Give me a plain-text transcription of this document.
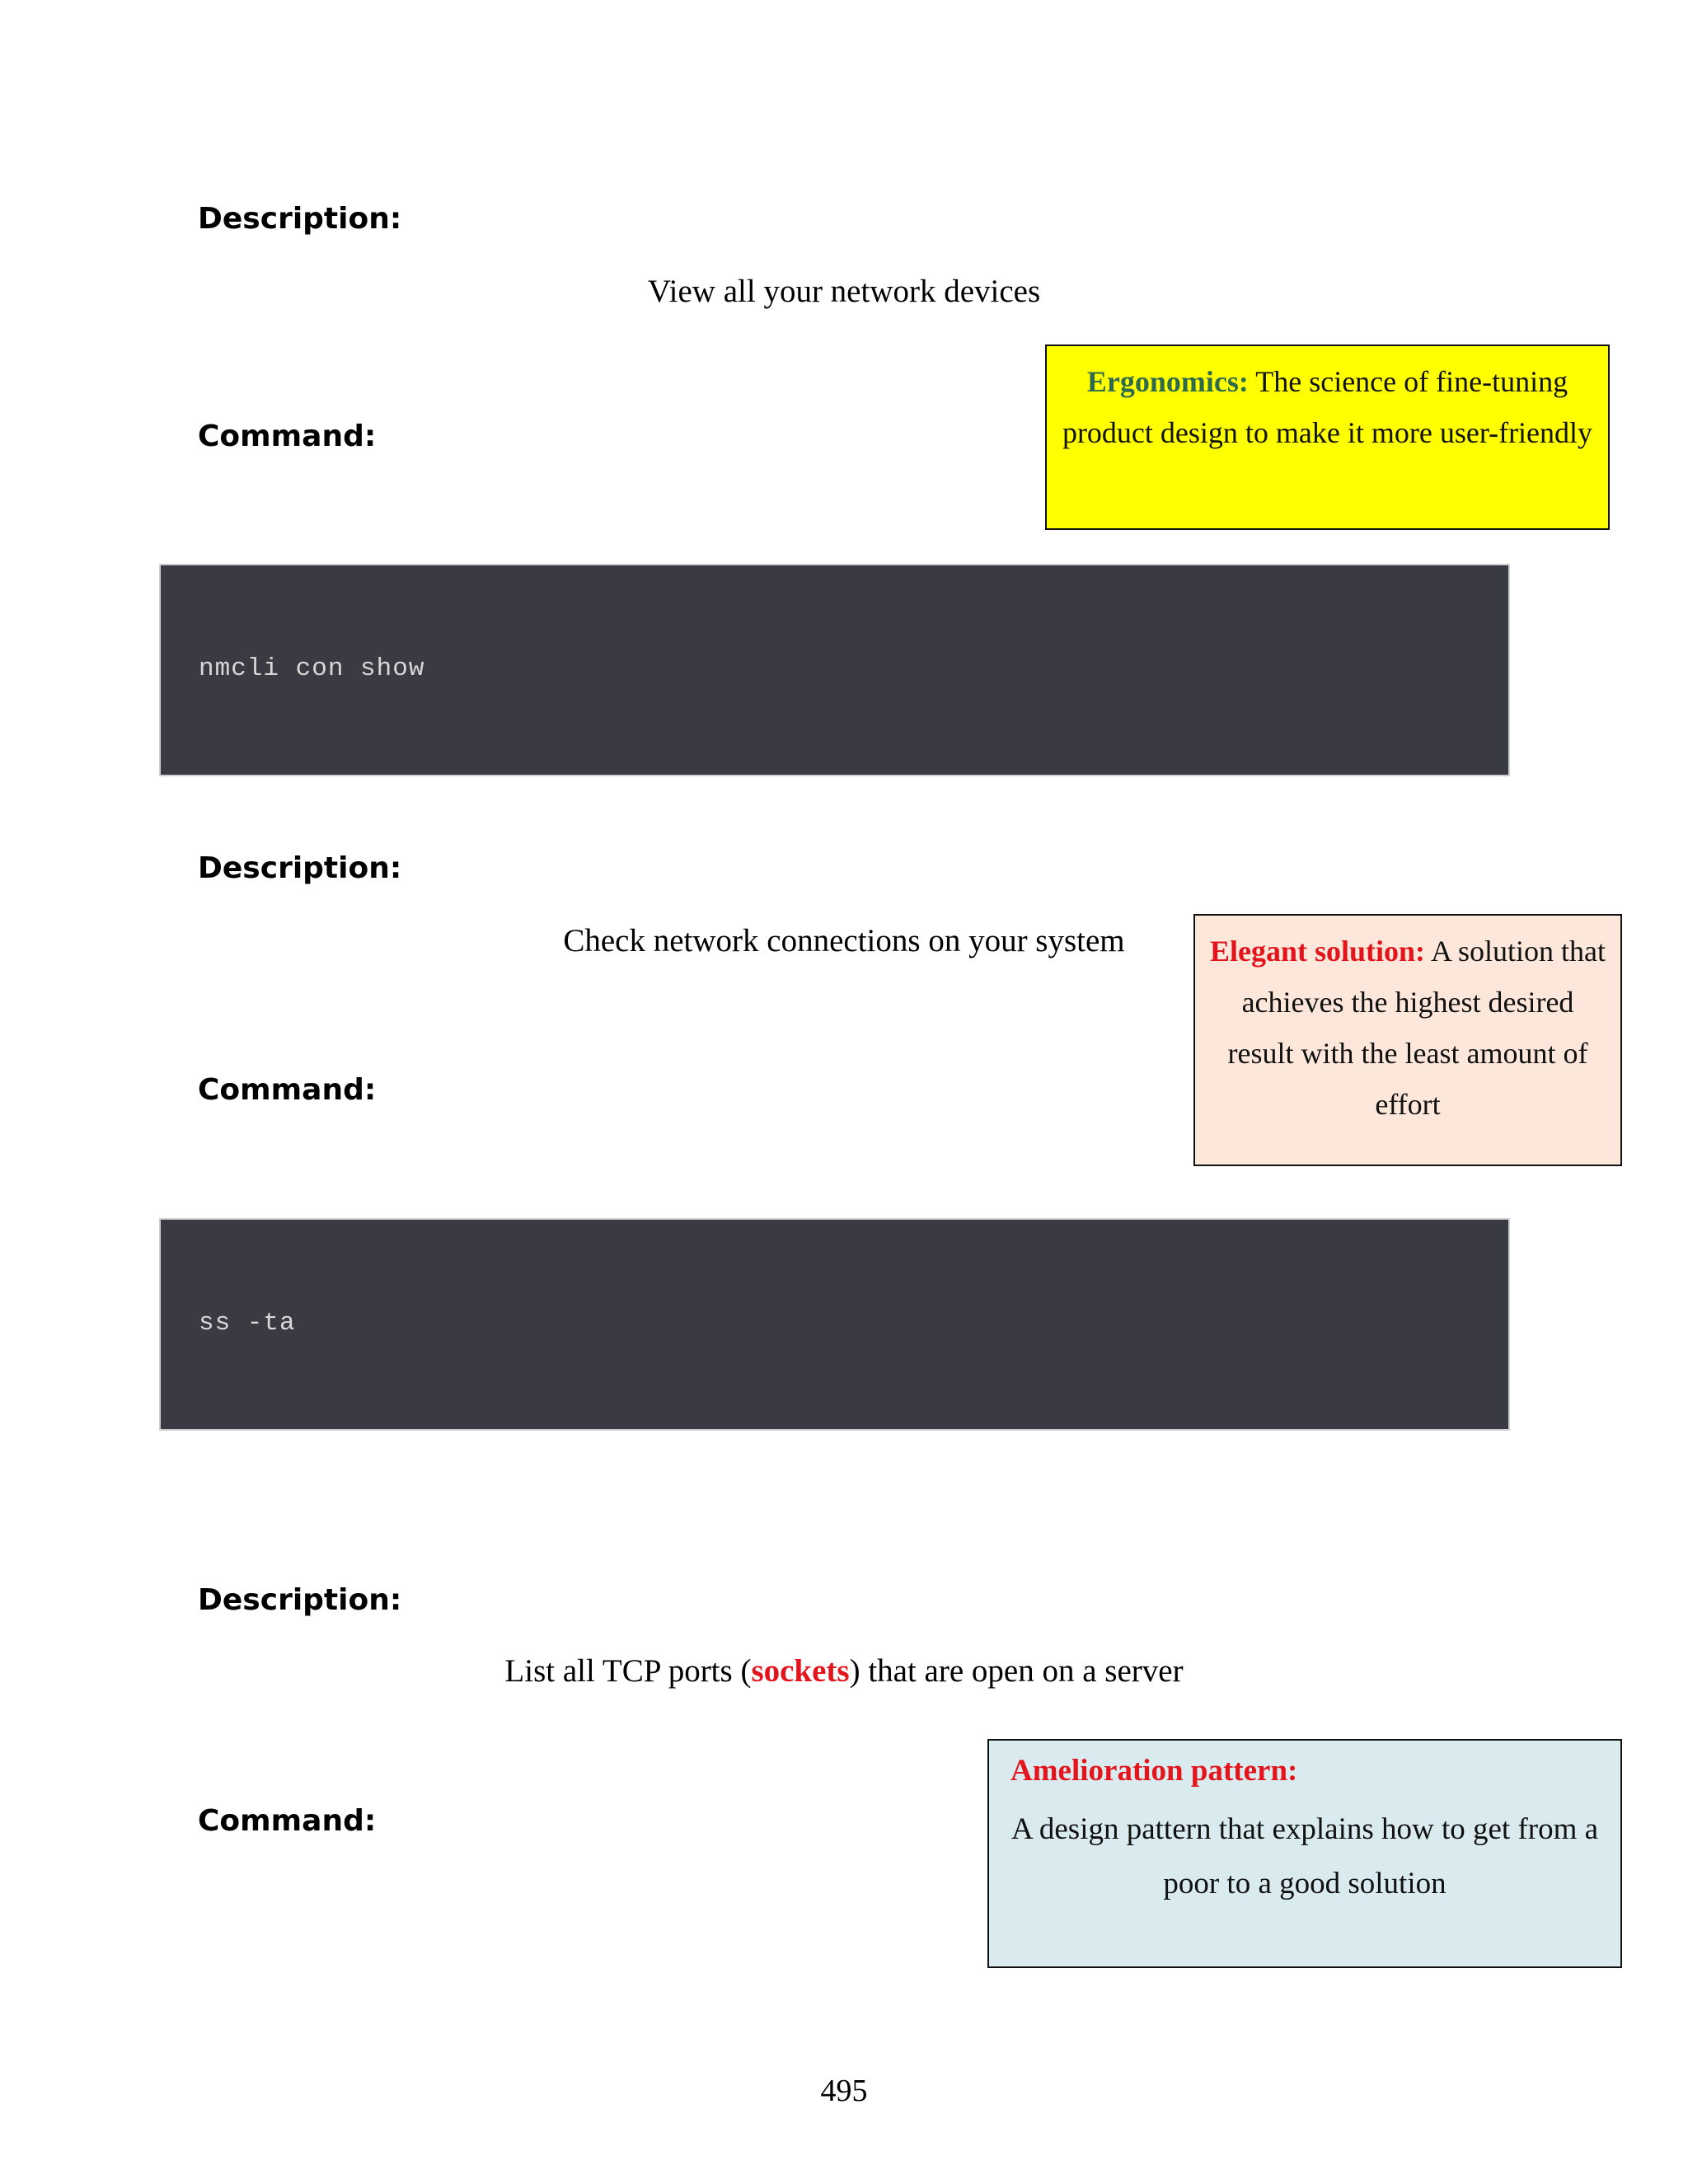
Description:
View all your network devices
Command:
Ergonomics: The science of fine-tuning product design to make it more user-friendly
nmcli con show
Description:
Check network connections on your system
Command:
Elegant solution: A solution that achieves the highest desired result with the least amount of effort
ss -ta
Description:
List all TCP ports (sockets) that are open on a server
Command:
Amelioration pattern:
A design pattern that explains how to get from a poor to a good solution
495
